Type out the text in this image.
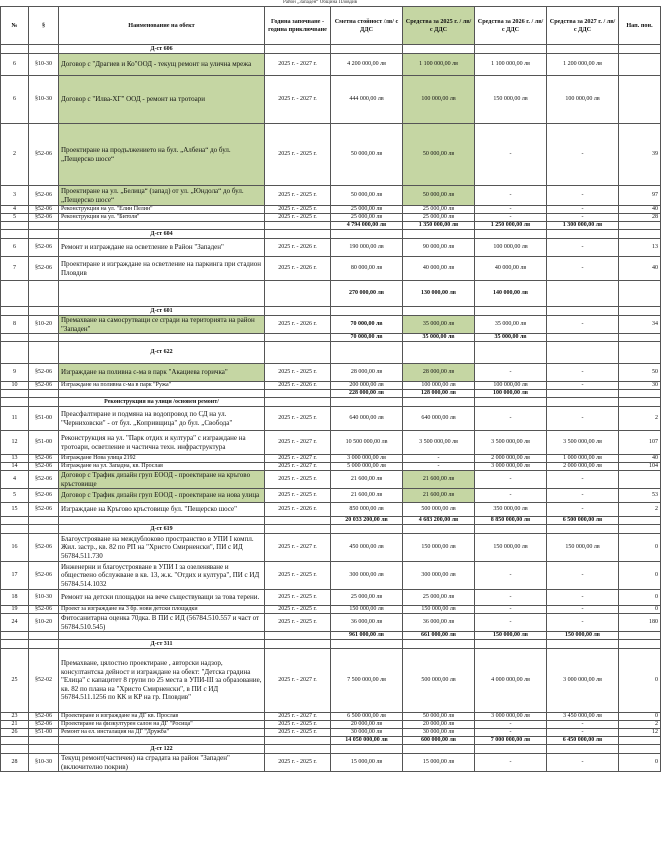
Район „Западен“ Община Пловдив
№	§	Наименование на обект	Година започване - година приключване	Сметна стойност /лв/ с ДДС	Средства за 2025 г. / лв/ с ДДС	Средства за 2026 г. / лв/ с ДДС	Средства за 2027 г. / лв/ с ДДС	Нап. пон.
		Д-ст 606						
6	§10-30	Договор с "Драгиев и Ко"ООД - текущ ремонт на улична мрежа	2025 г. - 2027 г.	4 200 000,00 лв	1 100 000,00 лв	1 100 000,00 лв	1 200 000,00 лв	
6	§10-30	Договор с "Илва-ХГ" ООД - ремонт на тротоари	2025 г. - 2027 г.	444 000,00 лв	100 000,00 лв	150 000,00 лв	100 000,00 лв	
2	§52-06	Проектиране на продължението на бул. „Албена“ до бул. „Пещерско шосе“	2025 г. - 2025 г.	50 000,00 лв	50 000,00 лв	-	-	39
3	§52-06	Проектиране на ул. „Белица“ (запад) от ул. „Юндола“ до бул. „Пещерско шосе“	2025 г. - 2025 г.	50 000,00 лв	50 000,00 лв	-	-	97
4	§52-06	Реконструкция на ул. "Елин Пелин"	2025 г. - 2025 г.	25 000,00 лв	25 000,00 лв	-	-	40
5	§52-06	Реконструкция на ул. "Битоля"	2025 г. - 2025 г.	25 000,00 лв	25 000,00 лв	-	-	28
				4 794 000,00 лв	1 350 000,00 лв	1 250 000,00 лв	1 300 000,00 лв	
		Д-ст 604						
6	§52-06	Ремонт и изграждане на осветление в Район "Западен"	2025 г. - 2026 г.	190 000,00 лв	90 000,00 лв	100 000,00 лв	-	13
7	§52-06	Проектиране и изграждане на осветление на паркинга при стадион Пловдив	2025 г. - 2026 г.	80 000,00 лв	40 000,00 лв	40 000,00 лв	-	40
				270 000,00 лв	130 000,00 лв	140 000,00 лв		
		Д-ст 601						
8	§10-20	Премахване на самосрутващи се сгради на територията на район "Западен"	2025 г. - 2026 г.	70 000,00 лв	35 000,00 лв	35 000,00 лв	-	34
				70 000,00 лв	35 000,00 лв	35 000,00 лв		
		Д-ст 622						
9	§52-06	Изграждане на поливна с-ма в парк "Акациева горичка"	2025 г. - 2025 г.	28 000,00 лв	28 000,00 лв	-	-	50
10	§52-06	Изграждане на поливна с-ма в парк "Ружа"	2025 г. - 2026 г.	200 000,00 лв	100 000,00 лв	100 000,00 лв	-	30
				228 000,00 лв	128 000,00 лв	100 000,00 лв		
		Реконструкция на улици /основен ремонт/						
11	§51-00	Преасфалтиране и подмяна на водопровод по СД на ул. "Черниховски" - от бул. „Копривщица" до бул. „Свобода"	2025 г. - 2025 г.	640 000,00 лв	640 000,00 лв	-	-	2
12	§51-00	Реконструкция на ул. "Парк отдих и култура" с изграждане на тротоари, осветление и частична техн. инфраструктура	2025 г. - 2027 г.	10 500 000,00 лв	3 500 000,00 лв	3 500 000,00 лв	3 500 000,00 лв	107
13	§52-06	Изграждане Нова улица 2192	2025 г. - 2027 г.	3 000 000,00 лв	-	2 000 000,00 лв	1 000 000,00 лв	40
14	§52-06	Изграждане на ул. Западна, кв. Прослав	2025 г. - 2027 г.	5 000 000,00 лв	-	3 000 000,00 лв	2 000 000,00 лв	104
4	§52-06	Договор с Трафик дизайн груп ЕООД - проектиране на кръгово кръстовище	2025 г. - 2025 г.	21 600,00 лв	21 600,00 лв	-	-	
5	§52-06	Договор с Трафик дизайн груп ЕООД - проектиране на нова улица	2025 г. - 2025 г.	21 600,00 лв	21 600,00 лв	-	-	53
15	§52-06	Изграждане на Кръгово кръстовище бул. "Пещерско шосе"	2025 г. - 2026 г.	850 000,00 лв	500 000,00 лв	350 000,00 лв	-	2
				20 033 200,00 лв	4 683 200,00 лв	8 850 000,00 лв	6 500 000,00 лв	
		Д-ст 619						
16	§52-06	Благоустрояване на междублоково пространство в УПИ I компл. Жил. застр., кв. 82 по РП на "Христо Смирненски", ПИ с ИД 56784.511.730	2025 г. - 2027 г.	450 000,00 лв	150 000,00 лв	150 000,00 лв	150 000,00 лв	0
17	§52-06	Инженерни и благоустрояване в УПИ I за озеленяване и обществено обслужване в кв. 13, ж.к. "Отдих и култура", ПИ с ИД 56784.514.1032	2025 г. - 2025 г.	300 000,00 лв	300 000,00 лв	-	-	0
18	§10-30	Ремонт на детски площадки на вече съществуващи за това терени.	2025 г. - 2025 г.	25 000,00 лв	25 000,00 лв	-	-	0
19	§52-06	Проект за изграждане на 3 бр. нови детски площадки	2025 г. - 2025 г.	150 000,00 лв	150 000,00 лв	-	-	0
24	§10-20	Фитосанитарна оценка 70дка. В ПИ с ИД (56784.510.557 и част от 56784.510.545)	2025 г. - 2025 г.	36 000,00 лв	36 000,00 лв	-	-	180
				961 000,00 лв	661 000,00 лв	150 000,00 лв	150 000,00 лв	
		Д-ст 311						
25	§52-02	Премахване, цялостно проектиране , авторски надзор, консултантска дейност и изграждане на обект: "Детска градина "Елица" с капацитет 8 групи по 25 места в УПИ-III за образование, кв. 82 по плана на "Христо Смирненски", в ПИ с ИД 56784.511.1256 по КК и КР на гр. Пловдив"	2025 г. - 2027 г.	7 500 000,00 лв	500 000,00 лв	4 000 000,00 лв	3 000 000,00 лв	0
23	§52-06	Проектиране и изграждане на ДГ кв. Прослав	2025 г. - 2027 г.	6 500 000,00 лв	50 000,00 лв	3 000 000,00 лв	3 450 000,00 лв	0
21	§52-06	Проектиране на физкултурен салон на ДГ "Росица"	2025 г. - 2025 г.	20 000,00 лв	20 000,00 лв	-	-	2
26	§51-00	Ремонт на ел. инсталация на ДГ "Дружба"	2025 г. - 2025 г.	30 000,00 лв	30 000,00 лв	-	-	12
				14 050 000,00 лв	600 000,00 лв	7 000 000,00 лв	6 450 000,00 лв	
		Д-ст 122						
28	§10-30	Текущ ремонт(частичен) на сградата на район "Западен" (включително покрив)	2025 г. - 2025 г.	15 000,00 лв	15 000,00 лв	-	-	0
